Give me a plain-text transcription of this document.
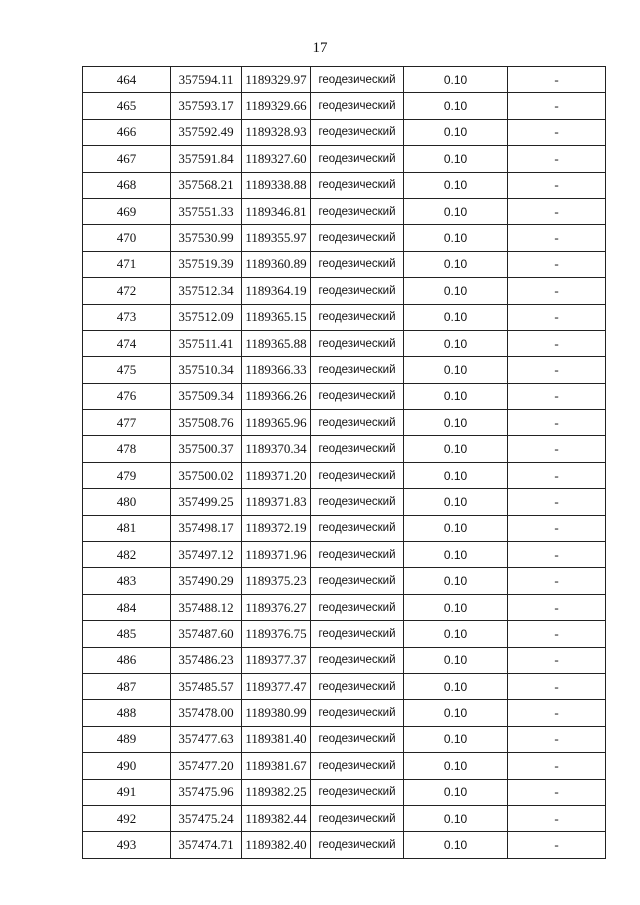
17
464	357594.11	1189329.97	геодезический	0.10	-
465	357593.17	1189329.66	геодезический	0.10	-
466	357592.49	1189328.93	геодезический	0.10	-
467	357591.84	1189327.60	геодезический	0.10	-
468	357568.21	1189338.88	геодезический	0.10	-
469	357551.33	1189346.81	геодезический	0.10	-
470	357530.99	1189355.97	геодезический	0.10	-
471	357519.39	1189360.89	геодезический	0.10	-
472	357512.34	1189364.19	геодезический	0.10	-
473	357512.09	1189365.15	геодезический	0.10	-
474	357511.41	1189365.88	геодезический	0.10	-
475	357510.34	1189366.33	геодезический	0.10	-
476	357509.34	1189366.26	геодезический	0.10	-
477	357508.76	1189365.96	геодезический	0.10	-
478	357500.37	1189370.34	геодезический	0.10	-
479	357500.02	1189371.20	геодезический	0.10	-
480	357499.25	1189371.83	геодезический	0.10	-
481	357498.17	1189372.19	геодезический	0.10	-
482	357497.12	1189371.96	геодезический	0.10	-
483	357490.29	1189375.23	геодезический	0.10	-
484	357488.12	1189376.27	геодезический	0.10	-
485	357487.60	1189376.75	геодезический	0.10	-
486	357486.23	1189377.37	геодезический	0.10	-
487	357485.57	1189377.47	геодезический	0.10	-
488	357478.00	1189380.99	геодезический	0.10	-
489	357477.63	1189381.40	геодезический	0.10	-
490	357477.20	1189381.67	геодезический	0.10	-
491	357475.96	1189382.25	геодезический	0.10	-
492	357475.24	1189382.44	геодезический	0.10	-
493	357474.71	1189382.40	геодезический	0.10	-
